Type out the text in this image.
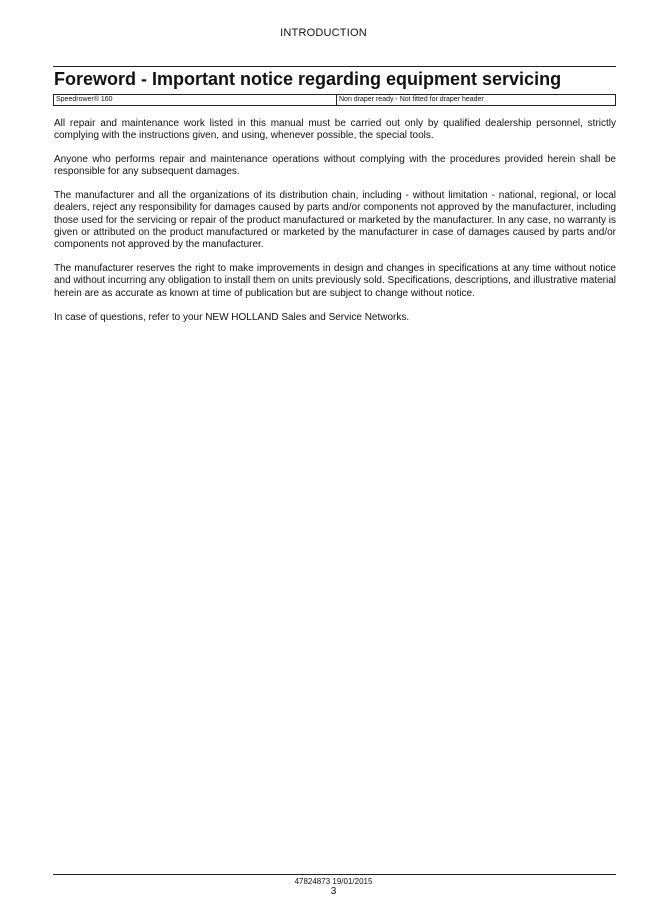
INTRODUCTION
Foreword - Important notice regarding equipment servicing
Speedrower® 160	Non draper ready - Not fitted for draper header

All repair and maintenance work listed in this manual must be carried out only by qualified dealership personnel, strictly complying with the instructions given, and using, whenever possible, the special tools.

Anyone who performs repair and maintenance operations without complying with the procedures provided herein shall be responsible for any subsequent damages.

The manufacturer and all the organizations of its distribution chain, including - without limitation - national, regional, or local dealers, reject any responsibility for damages caused by parts and/or components not approved by the manufacturer, including those used for the servicing or repair of the product manufactured or marketed by the manufacturer. In any case, no warranty is given or attributed on the product manufactured or marketed by the manufacturer in case of damages caused by parts and/or components not approved by the manufacturer.

The manufacturer reserves the right to make improvements in design and changes in specifications at any time without notice and without incurring any obligation to install them on units previously sold. Specifications, descriptions, and illustrative material herein are as accurate as known at time of publication but are subject to change without notice.

In case of questions, refer to your NEW HOLLAND Sales and Service Networks.

47824873 19/01/2015
3
